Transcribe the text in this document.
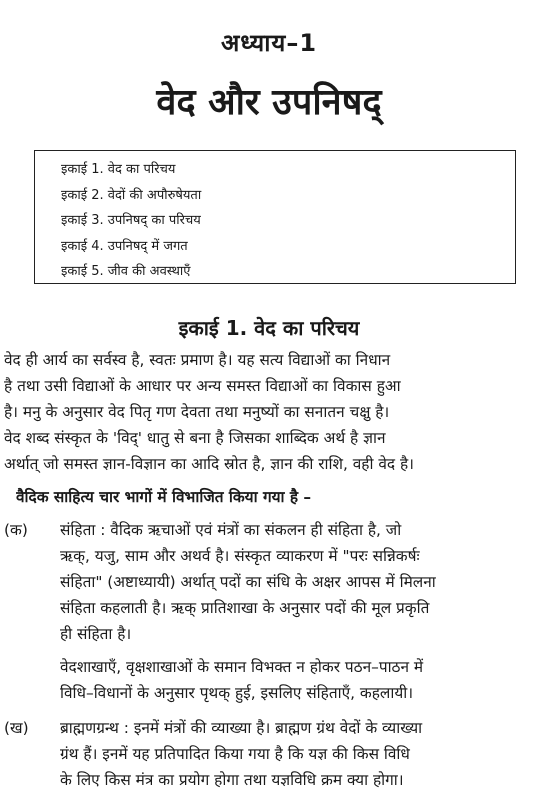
अध्याय–1
वेद और उपनिषद्
इकाई 1. वेद का परिचय
इकाई 2. वेदों की अपौरुषेयता
इकाई 3. उपनिषद् का परिचय
इकाई 4. उपनिषद् में जगत
इकाई 5. जीव की अवस्थाएँ
इकाई 1. वेद का परिचय
वेद ही आर्य का सर्वस्व है, स्वतः प्रमाण है। यह सत्य विद्याओं का निधान
है तथा उसी विद्याओं के आधार पर अन्य समस्त विद्याओं का विकास हुआ
है। मनु के अनुसार वेद पितृ गण देवता तथा मनुष्यों का सनातन चक्षु है।
वेद शब्द संस्कृत के 'विद्' धातु से बना है जिसका शाब्दिक अर्थ है ज्ञान
अर्थात् जो समस्त ज्ञान-विज्ञान का आदि स्रोत है, ज्ञान की राशि, वही वेद है।
वैदिक साहित्य चार भागों में विभाजित किया गया है –
(क) संहिता : वैदिक ऋचाओं एवं मंत्रों का संकलन ही संहिता है, जो
ऋक्, यजु, साम और अथर्व है। संस्कृत व्याकरण में "परः सन्निकर्षः
संहिता" (अष्टाध्यायी) अर्थात् पदों का संधि के अक्षर आपस में मिलना
संहिता कहलाती है। ऋक् प्रातिशाखा के अनुसार पदों की मूल प्रकृति
ही संहिता है।
वेदशाखाएँ, वृक्षशाखाओं के समान विभक्त न होकर पठन–पाठन में
विधि–विधानों के अनुसार पृथक् हुई, इसलिए संहिताएँ, कहलायी।
(ख) ब्राह्मणग्रन्थ : इनमें मंत्रों की व्याख्या है। ब्राह्मण ग्रंथ वेदों के व्याख्या
ग्रंथ हैं। इनमें यह प्रतिपादित किया गया है कि यज्ञ की किस विधि
के लिए किस मंत्र का प्रयोग होगा तथा यज्ञविधि क्रम क्या होगा।
